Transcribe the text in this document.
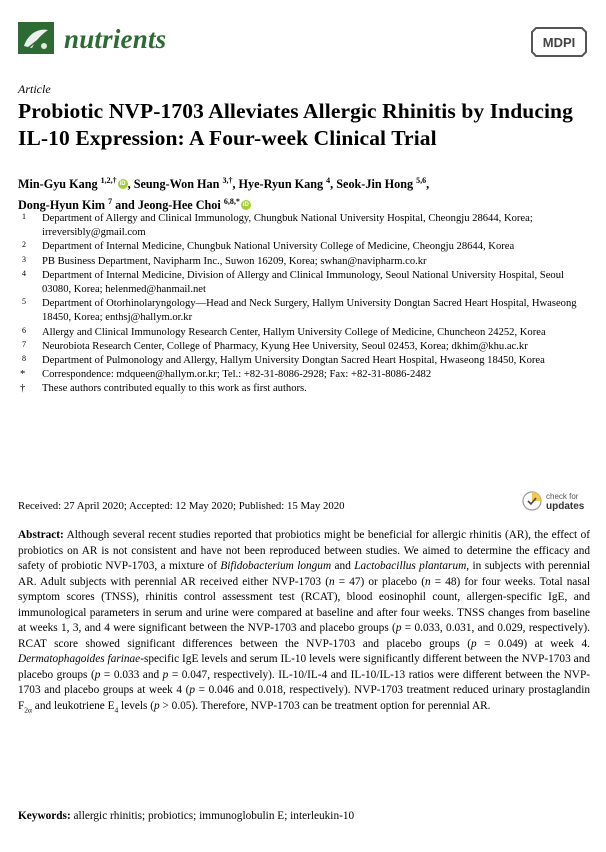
nutrients	MDPI
Article
Probiotic NVP-1703 Alleviates Allergic Rhinitis by Inducing IL-10 Expression: A Four-week Clinical Trial
Min-Gyu Kang $^{1,2,\dagger}$iD , Seung-Won Han $^{3,\dagger}$, Hye-Ryun Kang $^4$, Seok-Jin Hong $^{5,6}$,
Dong-Hyun Kim $^7$ and Jeong-Hee Choi $^{6,8,*}$iD
1 Department of Allergy and Clinical Immunology, Chungbuk National University Hospital, Cheongju 28644, Korea; irreversibly@gmail.com
2 Department of Internal Medicine, Chungbuk National University College of Medicine, Cheongju 28644, Korea
3 PB Business Department, Navipharm Inc., Suwon 16209, Korea; swhan@navipharm.co.kr
4 Department of Internal Medicine, Division of Allergy and Clinical Immunology, Seoul National University Hospital, Seoul 03080, Korea; helenmed@hanmail.net
5 Department of Otorhinolaryngology—Head and Neck Surgery, Hallym University Dongtan Sacred Heart Hospital, Hwaseong 18450, Korea; enthsj@hallym.or.kr
6 Allergy and Clinical Immunology Research Center, Hallym University College of Medicine, Chuncheon 24252, Korea
7 Neurobiota Research Center, College of Pharmacy, Kyung Hee University, Seoul 02453, Korea; dkhim@khu.ac.kr
8 Department of Pulmonology and Allergy, Hallym University Dongtan Sacred Heart Hospital, Hwaseong 18450, Korea
* Correspondence: mdqueen@hallym.or.kr; Tel.: +82-31-8086-2928; Fax: +82-31-8086-2482
† These authors contributed equally to this work as first authors.
Received: 27 April 2020; Accepted: 12 May 2020; Published: 15 May 2020
check for
updates
Abstract: Although several recent studies reported that probiotics might be beneficial for allergic rhinitis (AR), the effect of probiotics on AR is not consistent and have not been reproduced between studies. We aimed to determine the efficacy and safety of probiotic NVP-1703, a mixture of Bifidobacterium longum and Lactobacillus plantarum, in subjects with perennial AR. Adult subjects with perennial AR received either NVP-1703 (n = 47) or placebo (n = 48) for four weeks. Total nasal symptom scores (TNSS), rhinitis control assessment test (RCAT), blood eosinophil count, allergen-specific IgE, and immunological parameters in serum and urine were compared at baseline and after four weeks. TNSS changes from baseline at weeks 1, 3, and 4 were significant between the NVP-1703 and placebo groups (p = 0.033, 0.031, and 0.029, respectively). RCAT score showed significant differences between the NVP-1703 and placebo groups (p = 0.049) at week 4. Dermatophagoides farinae-specific IgE levels and serum IL-10 levels were significantly different between the NVP-1703 and placebo groups (p = 0.033 and p = 0.047, respectively). IL-10/IL-4 and IL-10/IL-13 ratios were different between the NVP-1703 and placebo groups at week 4 (p = 0.046 and 0.018, respectively). NVP-1703 treatment reduced urinary prostaglandin $F_{2\alpha}$ and leukotriene $E_4$ levels (p > 0.05). Therefore, NVP-1703 can be treatment option for perennial AR.
Keywords: allergic rhinitis; probiotics; immunoglobulin E; interleukin-10
